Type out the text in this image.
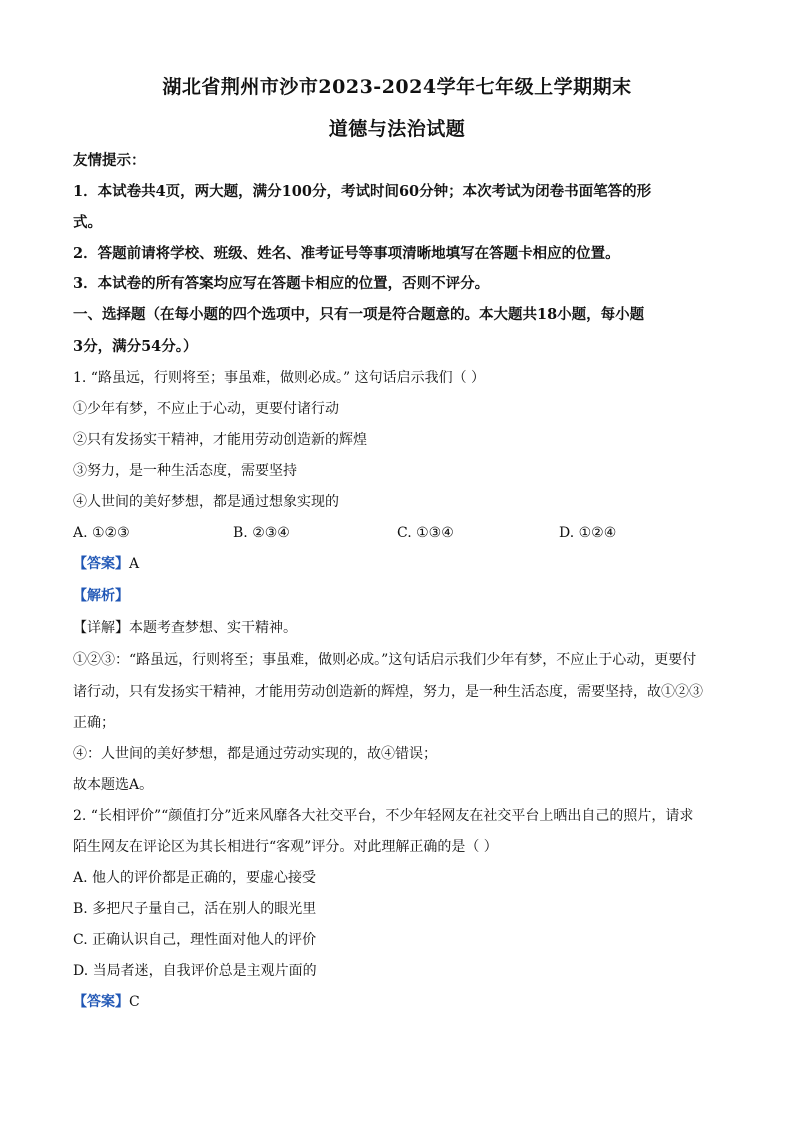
湖北省荆州市沙市2023-2024学年七年级上学期期末
道德与法治试题
友情提示：
1．本试卷共4页，两大题，满分100分，考试时间60分钟；本次考试为闭卷书面笔答的形
式。
2．答题前请将学校、班级、姓名、准考证号等事项清晰地填写在答题卡相应的位置。
3．本试卷的所有答案均应写在答题卡相应的位置，否则不评分。
一、选择题（在每小题的四个选项中，只有一项是符合题意的。本大题共18小题，每小题
3分，满分54分。）
1. “路虽远，行则将至；事虽难，做则必成。” 这句话启示我们（ ）
①少年有梦，不应止于心动，更要付诸行动
②只有发扬实干精神，才能用劳动创造新的辉煌
③努力，是一种生活态度，需要坚持
④人世间的美好梦想，都是通过想象实现的
A. ①②③	B. ②③④	C. ①③④	D. ①②④
【答案】A
【解析】
【详解】本题考查梦想、实干精神。
①②③：“路虽远，行则将至；事虽难，做则必成。”这句话启示我们少年有梦，不应止于心动，更要付
诸行动，只有发扬实干精神，才能用劳动创造新的辉煌，努力，是一种生活态度，需要坚持，故①②③
正确；
④：人世间的美好梦想，都是通过劳动实现的，故④错误；
故本题选A。
2. “长相评价”“颜值打分”近来风靡各大社交平台，不少年轻网友在社交平台上晒出自己的照片，请求
陌生网友在评论区为其长相进行“客观”评分。对此理解正确的是（ ）
A. 他人的评价都是正确的，要虚心接受
B. 多把尺子量自己，活在别人的眼光里
C. 正确认识自己，理性面对他人的评价
D. 当局者迷，自我评价总是主观片面的
【答案】C
